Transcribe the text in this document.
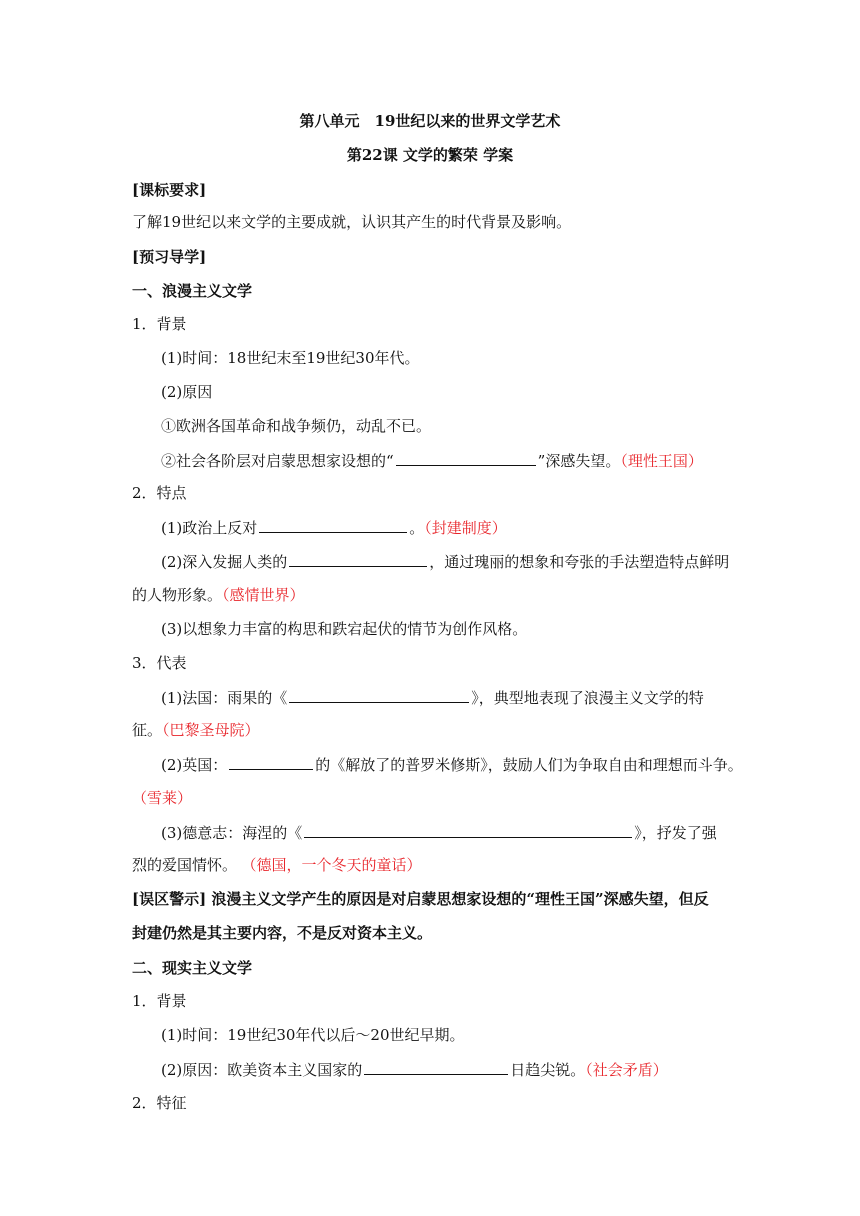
第八单元　19世纪以来的世界文学艺术
第22课 文学的繁荣 学案
[课标要求]
了解19世纪以来文学的主要成就，认识其产生的时代背景及影响。
[预习导学]
一、浪漫主义文学
1．背景
(1)时间：18世纪末至19世纪30年代。
(2)原因
①欧洲各国革命和战争频仍，动乱不已。
②社会各阶层对启蒙思想家设想的“	”深感失望。（理性王国）
2．特点
(1)政治上反对	。（封建制度）
(2)深入发掘人类的	，通过瑰丽的想象和夸张的手法塑造特点鲜明
的人物形象。（感情世界）
(3)以想象力丰富的构思和跌宕起伏的情节为创作风格。
3．代表
(1)法国：雨果的《	》，典型地表现了浪漫主义文学的特
征。（巴黎圣母院）
(2)英国：	的《解放了的普罗米修斯》，鼓励人们为争取自由和理想而斗争。
（雪莱）
(3)德意志：海涅的《	》，抒发了强
烈的爱国情怀。 （德国，一个冬天的童话）
[误区警示] 浪漫主义文学产生的原因是对启蒙思想家设想的“理性王国”深感失望，但反
封建仍然是其主要内容，不是反对资本主义。
二、现实主义文学
1．背景
(1)时间：19世纪30年代以后～20世纪早期。
(2)原因：欧美资本主义国家的	日趋尖锐。（社会矛盾）
2．特征
